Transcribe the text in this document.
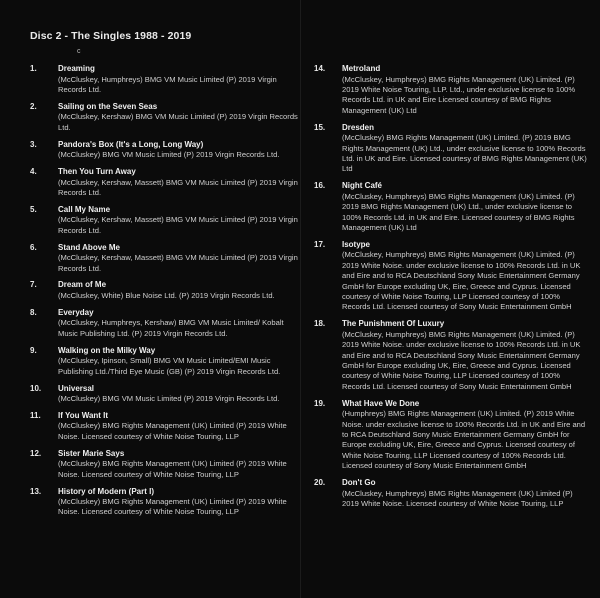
Disc 2 - The Singles 1988 - 2019
c
1.	Dreaming
(McCluskey, Humphreys) BMG VM Music Limited (P) 2019 Virgin Records Ltd.
2.	Sailing on the Seven Seas
(McCluskey, Kershaw) BMG VM Music Limited (P) 2019 Virgin Records Ltd.
3.	Pandora's Box (It's a Long, Long Way)
(McCluskey) BMG VM Music Limited (P) 2019 Virgin Records Ltd.
4.	Then You Turn Away
(McCluskey, Kershaw, Massett) BMG VM Music Limited (P) 2019 Virgin Records Ltd.
5.	Call My Name
(McCluskey, Kershaw, Massett) BMG VM Music Limited (P) 2019 Virgin Records Ltd.
6.	Stand Above Me
(McCluskey, Kershaw, Massett) BMG VM Music Limited (P) 2019 Virgin Records Ltd.
7.	Dream of Me
(McCluskey, White) Blue Noise Ltd. (P) 2019 Virgin Records Ltd.
8.	Everyday
(McCluskey, Humphreys, Kershaw) BMG VM Music Limited/ Kobalt Music Publishing Ltd. (P) 2019 Virgin Records Ltd.
9.	Walking on the Milky Way
(McCluskey, Ipinson, Small) BMG VM Music Limited/EMI Music Publishing Ltd./Third Eye Music (GB) (P) 2019 Virgin Records Ltd.
10. Universal
(McCluskey) BMG VM Music Limited (P) 2019 Virgin Records Ltd.
11. If You Want It
(McCluskey) BMG Rights Management (UK) Limited (P) 2019 White Noise. Licensed courtesy of White Noise Touring, LLP
12. Sister Marie Says
(McCluskey) BMG Rights Management (UK) Limited (P) 2019 White Noise. Licensed courtesy of White Noise Touring, LLP
13. History of Modern (Part I)
(McCluskey) BMG Rights Management (UK) Limited (P) 2019 White Noise. Licensed courtesy of White Noise Touring, LLP
14. Metroland
(McCluskey, Humphreys) BMG Rights Management (UK) Limited. (P) 2019 White Noise Touring, LLP. Ltd., under exclusive license to 100% Records Ltd. in UK and Eire Licensed courtesy of BMG Rights Management (UK) Ltd
15. Dresden
(McCluskey) BMG Rights Management (UK) Limited. (P) 2019 BMG Rights Management (UK) Ltd., under exclusive license to 100% Records Ltd. in UK and Eire. Licensed courtesy of BMG Rights Management (UK) Ltd
16. Night Café
(McCluskey, Humphreys) BMG Rights Management (UK) Limited. (P) 2019 BMG Rights Management (UK) Ltd., under exclusive license to 100% Records Ltd. in UK and Eire. Licensed courtesy of BMG Rights Management (UK) Ltd
17. Isotype
(McCluskey, Humphreys) BMG Rights Management (UK) Limited. (P) 2019 White Noise. under exclusive license to 100% Records Ltd. in UK and Eire and to RCA Deutschland Sony Music Entertainment Germany GmbH for Europe excluding UK, Eire, Greece and Cyprus. Licensed courtesy of White Noise Touring, LLP Licensed courtesy of 100% Records Ltd. Licensed courtesy of Sony Music Entertainment GmbH
18. The Punishment Of Luxury
(McCluskey, Humphreys) BMG Rights Management (UK) Limited. (P) 2019 White Noise. under exclusive license to 100% Records Ltd. in UK and Eire and to RCA Deutschland Sony Music Entertainment Germany GmbH for Europe excluding UK, Eire, Greece and Cyprus. Licensed courtesy of White Noise Touring, LLP Licensed courtesy of 100% Records Ltd. Licensed courtesy of Sony Music Entertainment GmbH
19. What Have We Done
(Humphreys) BMG Rights Management (UK) Limited. (P) 2019 White Noise. under exclusive license to 100% Records Ltd. in UK and Eire and to RCA Deutschland Sony Music Entertainment Germany GmbH for Europe excluding UK, Eire, Greece and Cyprus. Licensed courtesy of White Noise Touring, LLP Licensed courtesy of 100% Records Ltd. Licensed courtesy of Sony Music Entertainment GmbH
20. Don't Go
(McCluskey, Humphreys) BMG Rights Management (UK) Limited (P) 2019 White Noise. Licensed courtesy of White Noise Touring, LLP
